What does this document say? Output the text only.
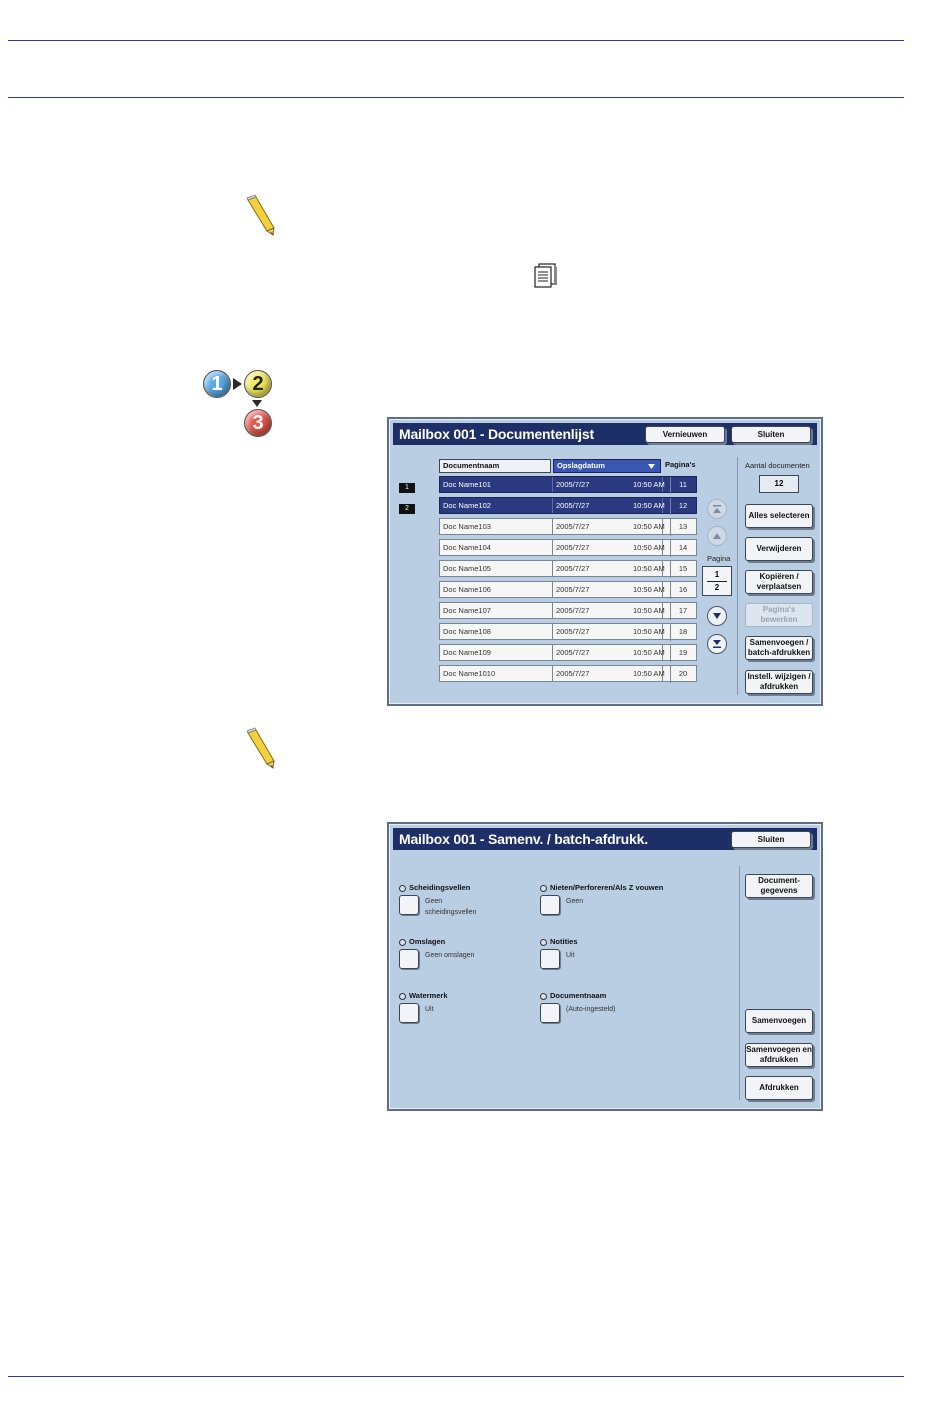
1	2
3	Mailbox 001 - Documentenlijst	Vernieuwen	Sluiten
Documentnaam	Opslagdatum	Pagina's
1
2
Doc Name101	2005/7/27	10:50 AM	11
Doc Name102	2005/7/27	10:50 AM	12
Doc Name103	2005/7/27	10:50 AM	13
Doc Name104	2005/7/27	10:50 AM	14
Doc Name105	2005/7/27	10:50 AM	15
Doc Name106	2005/7/27	10:50 AM	16
Doc Name107	2005/7/27	10:50 AM	17
Doc Name108	2005/7/27	10:50 AM	18
Doc Name109	2005/7/27	10:50 AM	19
Doc Name1010	2005/7/27	10:50 AM	20
Pagina
1
2
Aantal documenten
12
Alles selecteren
Verwijderen
Kopiëren /
verplaatsen
Pagina's bewerken
Samenvoegen /
batch-afdrukken
Instell. wijzigen /
afdrukken
Mailbox 001 - Samenv. / batch-afdrukk.	Sluiten
Scheidingsvellen
Geen
scheidingsvellen
Omslagen
Geen omslagen
Watermerk
Uit
Nieten/Perforeren/Als Z vouwen
Geen
Notities
Uit
Documentnaam
(Auto-ingesteld)
Document-
gegevens
Samenvoegen
Samenvoegen en
afdrukken
Afdrukken
